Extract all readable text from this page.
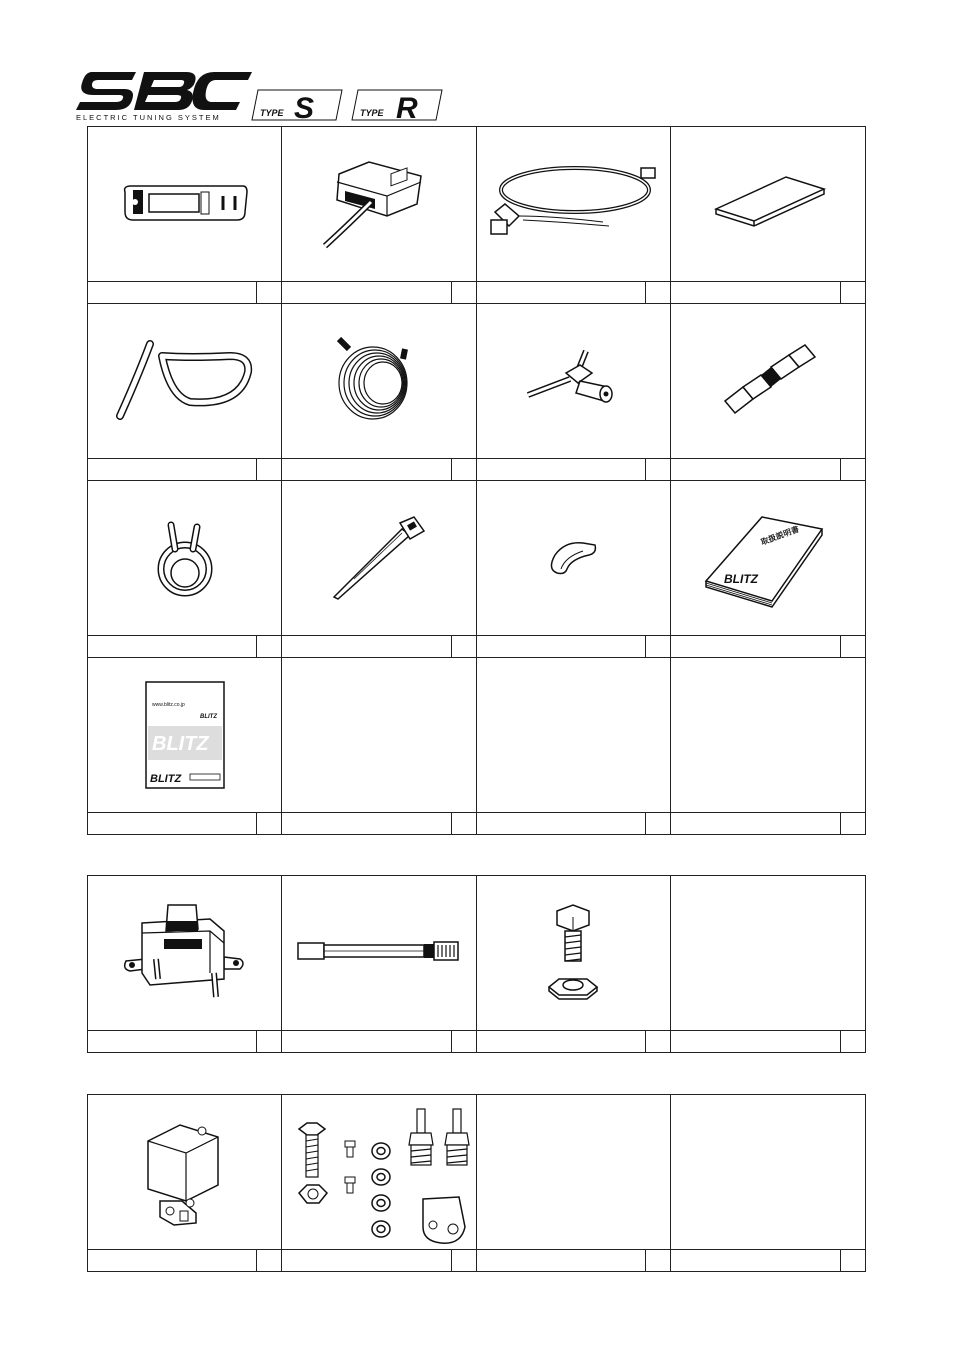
ELECTRIC TUNING SYSTEM	TYPE S	TYPE R
取扱説明書
BLITZ
www.blitz.co.jp
BLITZ
BLITZ
BLITZ
